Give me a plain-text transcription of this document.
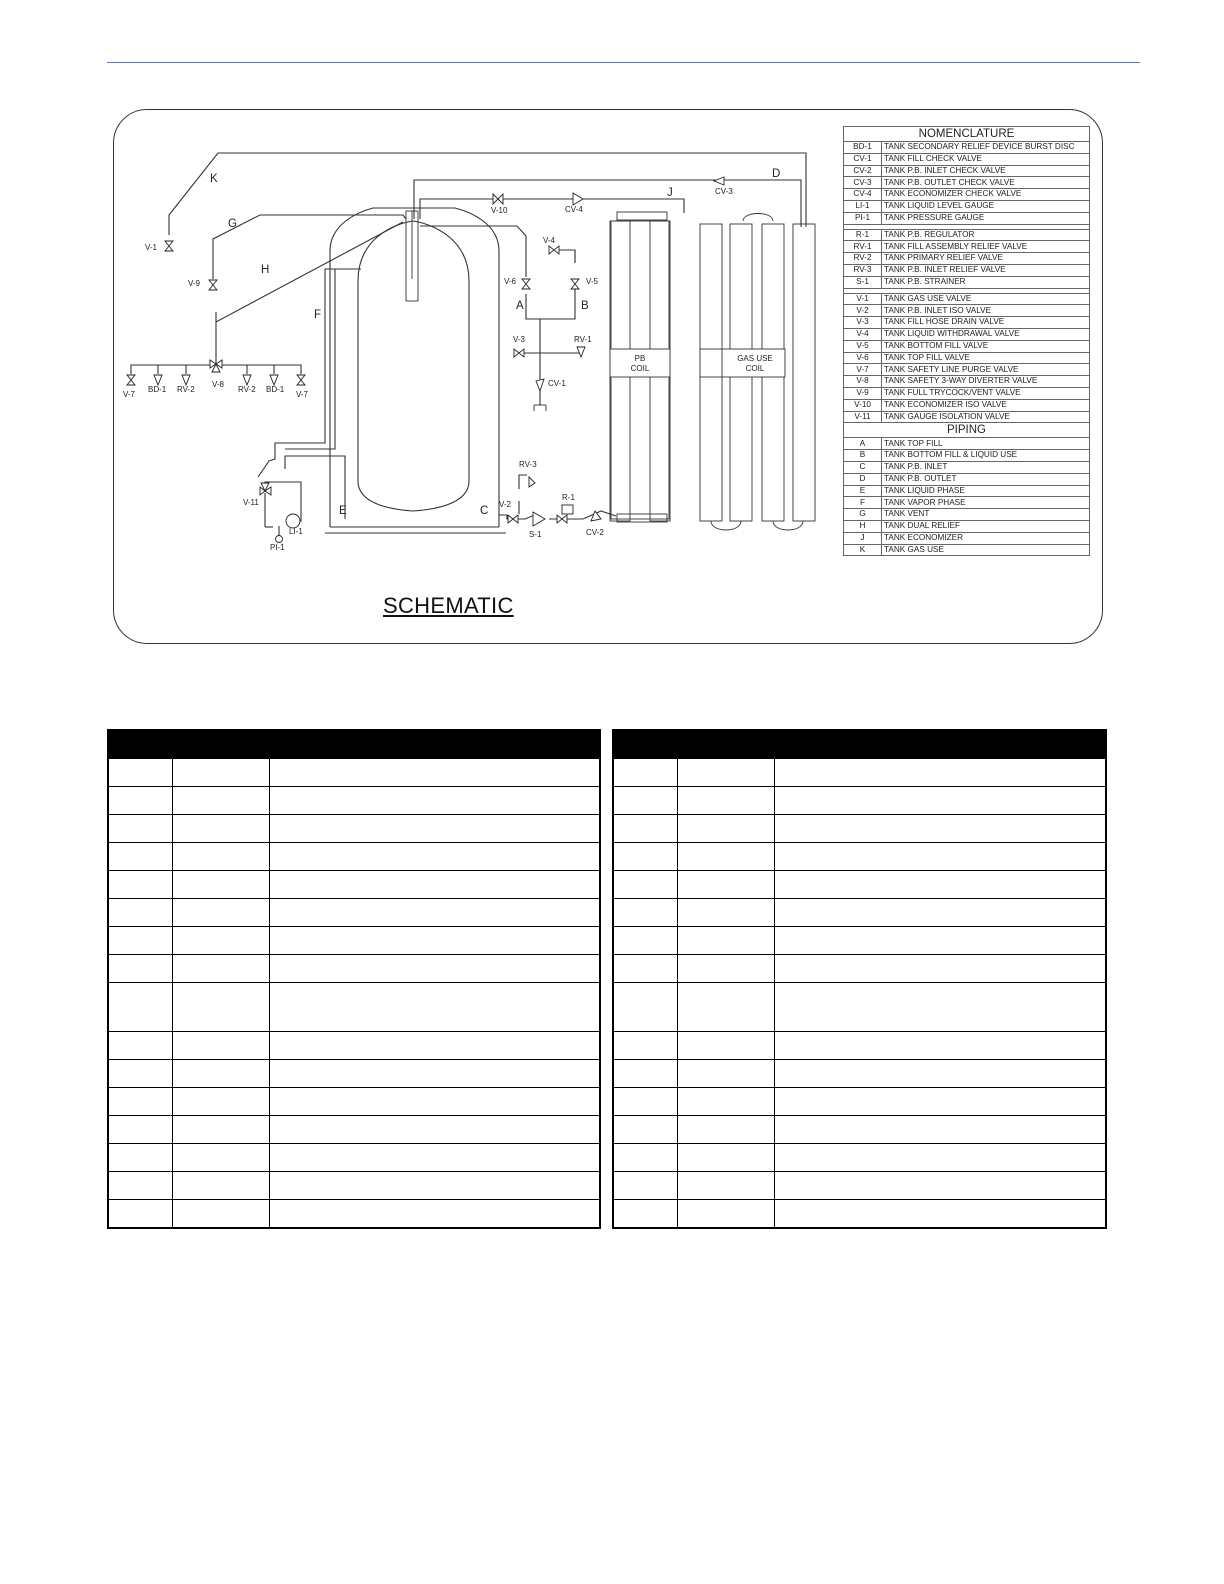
K
G
H
F
D
J
A	B
E	C
V-1
V-9
V-10	CV-4
CV-3
V-4
V-6	V-5
V-3	RV-1
CV-1
V-7
BD-1 RV-2
V-8
RV-2 BD-1
V-7
V-11
LI-1
PI-1
RV-3
V-2
R-1
S-1	CV-2
PB
COIL
GAS USE
COIL
NOMENCLATURE	
BD-1	TANK SECONDARY RELIEF DEVICE BURST DISC
CV-1	TANK FILL CHECK VALVE
CV-2	TANK P.B. INLET CHECK VALVE
CV-3	TANK P.B. OUTLET CHECK VALVE
CV-4	TANK ECONOMIZER CHECK VALVE
LI-1	TANK LIQUID LEVEL GAUGE
PI-1	TANK PRESSURE GAUGE

R-1	TANK P.B. REGULATOR
RV-1	TANK FILL ASSEMBLY RELIEF VALVE
RV-2	TANK PRIMARY RELIEF VALVE
RV-3	TANK P.B. INLET RELIEF VALVE
S-1	TANK P.B. STRAINER

V-1	TANK GAS USE VALVE
V-2	TANK P.B. INLET ISO VALVE
V-3	TANK FILL HOSE DRAIN VALVE
V-4	TANK LIQUID WITHDRAWAL VALVE
V-5	TANK BOTTOM FILL VALVE
V-6	TANK TOP FILL VALVE
V-7	TANK SAFETY LINE PURGE VALVE
V-8	TANK SAFETY 3-WAY DIVERTER VALVE
V-9	TANK FULL TRYCOCK/VENT VALVE
V-10	TANK ECONOMIZER ISO VALVE
V-11	TANK GAUGE ISOLATION VALVE
PIPING	
A	TANK TOP FILL
B	TANK BOTTOM FILL & LIQUID USE
C	TANK P.B. INLET
D	TANK P.B. OUTLET
E	TANK LIQUID PHASE
F	TANK VAPOR PHASE
G	TANK VENT
H	TANK DUAL RELIEF
J	TANK ECONOMIZER
K	TANK GAS USE
SCHEMATIC
